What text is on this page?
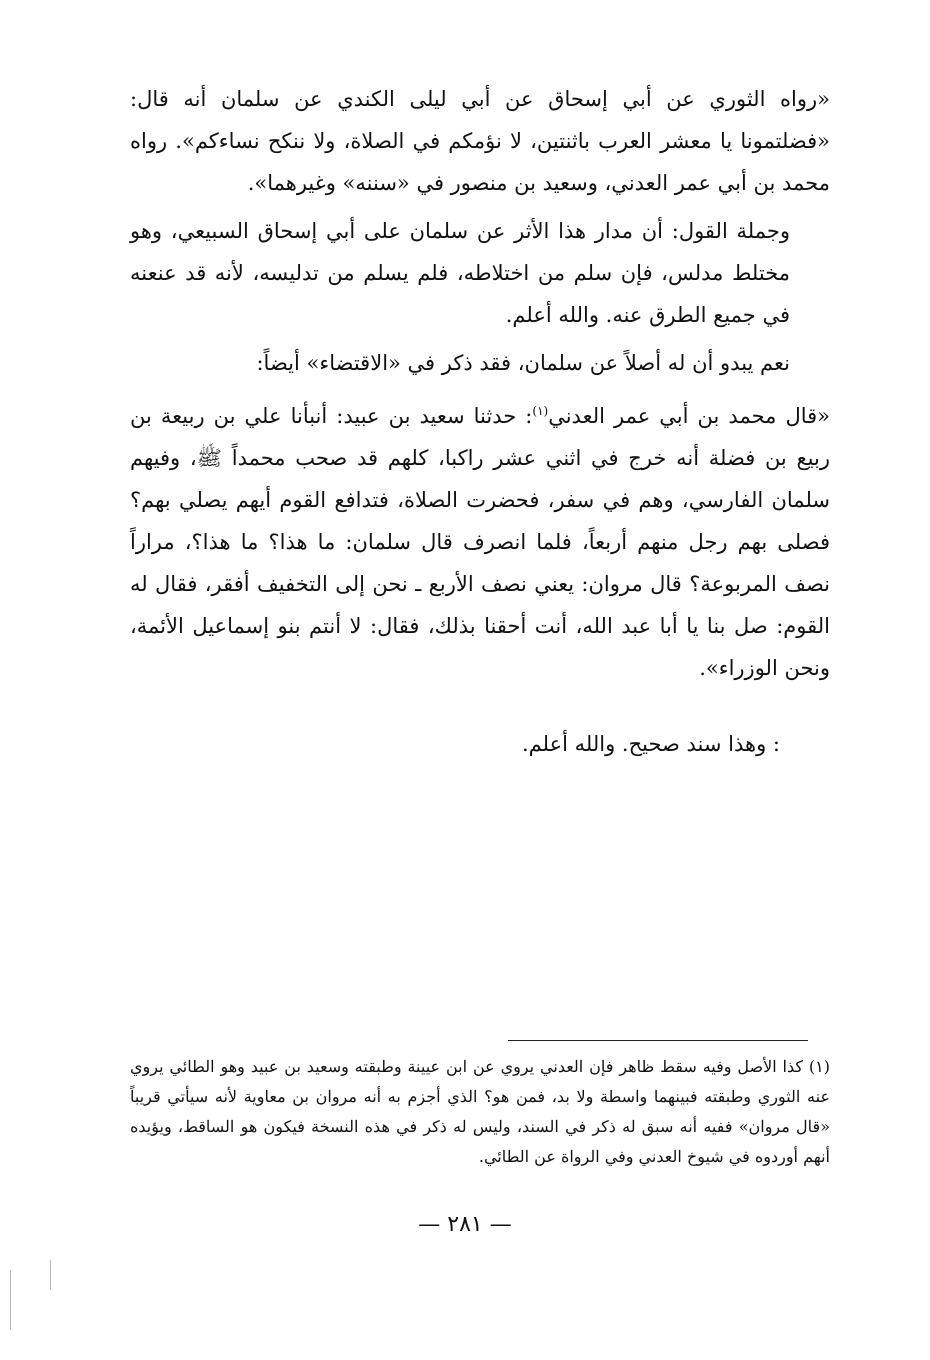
«رواه الثوري عن أبي إسحاق عن أبي ليلى الكندي عن سلمان أنه قال: «فضلتمونا يا معشر العرب باثنتين، لا نؤمكم في الصلاة، ولا ننكح نساءكم». رواه محمد بن أبي عمر العدني، وسعيد بن منصور في «سننه» وغيرهما».

وجملة القول: أن مدار هذا الأثر عن سلمان على أبي إسحاق السبيعي، وهو مختلط مدلس، فإن سلم من اختلاطه، فلم يسلم من تدليسه، لأنه قد عنعنه في جميع الطرق عنه. والله أعلم.

نعم يبدو أن له أصلاً عن سلمان، فقد ذكر في «الاقتضاء» أيضاً:

«قال محمد بن أبي عمر العدني$^{(١)}$: حدثنا سعيد بن عبيد: أنبأنا علي بن ربيعة بن ربيع بن فضلة أنه خرج في اثني عشر راكبا، كلهم قد صحب محمداً ﷺ، وفيهم سلمان الفارسي، وهم في سفر، فحضرت الصلاة، فتدافع القوم أيهم يصلي بهم؟ فصلى بهم رجل منهم أربعاً، فلما انصرف قال سلمان: ما هذا؟ ما هذا؟، مراراً نصف المربوعة؟ قال مروان: يعني نصف الأربع ـ نحن إلى التخفيف أفقر، فقال له القوم: صل بنا يا أبا عبد الله، أنت أحقنا بذلك، فقال: لا أنتم بنو إسماعيل الأئمة، ونحن الوزراء».

: وهذا سند صحيح. والله أعلم.

(١) كذا الأصل وفيه سقط ظاهر فإن العدني يروي عن ابن عيينة وطبقته وسعيد بن عبيد وهو الطائي يروي عنه الثوري وطبقته فبينهما واسطة ولا بد، فمن هو؟ الذي أجزم به أنه مروان بن معاوية لأنه سيأتي قريباً «قال مروان» ففيه أنه سبق له ذكر في السند، وليس له ذكر في هذه النسخة فيكون هو الساقط، ويؤيده أنهم أوردوه في شيوخ العدني وفي الرواة عن الطائي.

— ٢٨١ —
